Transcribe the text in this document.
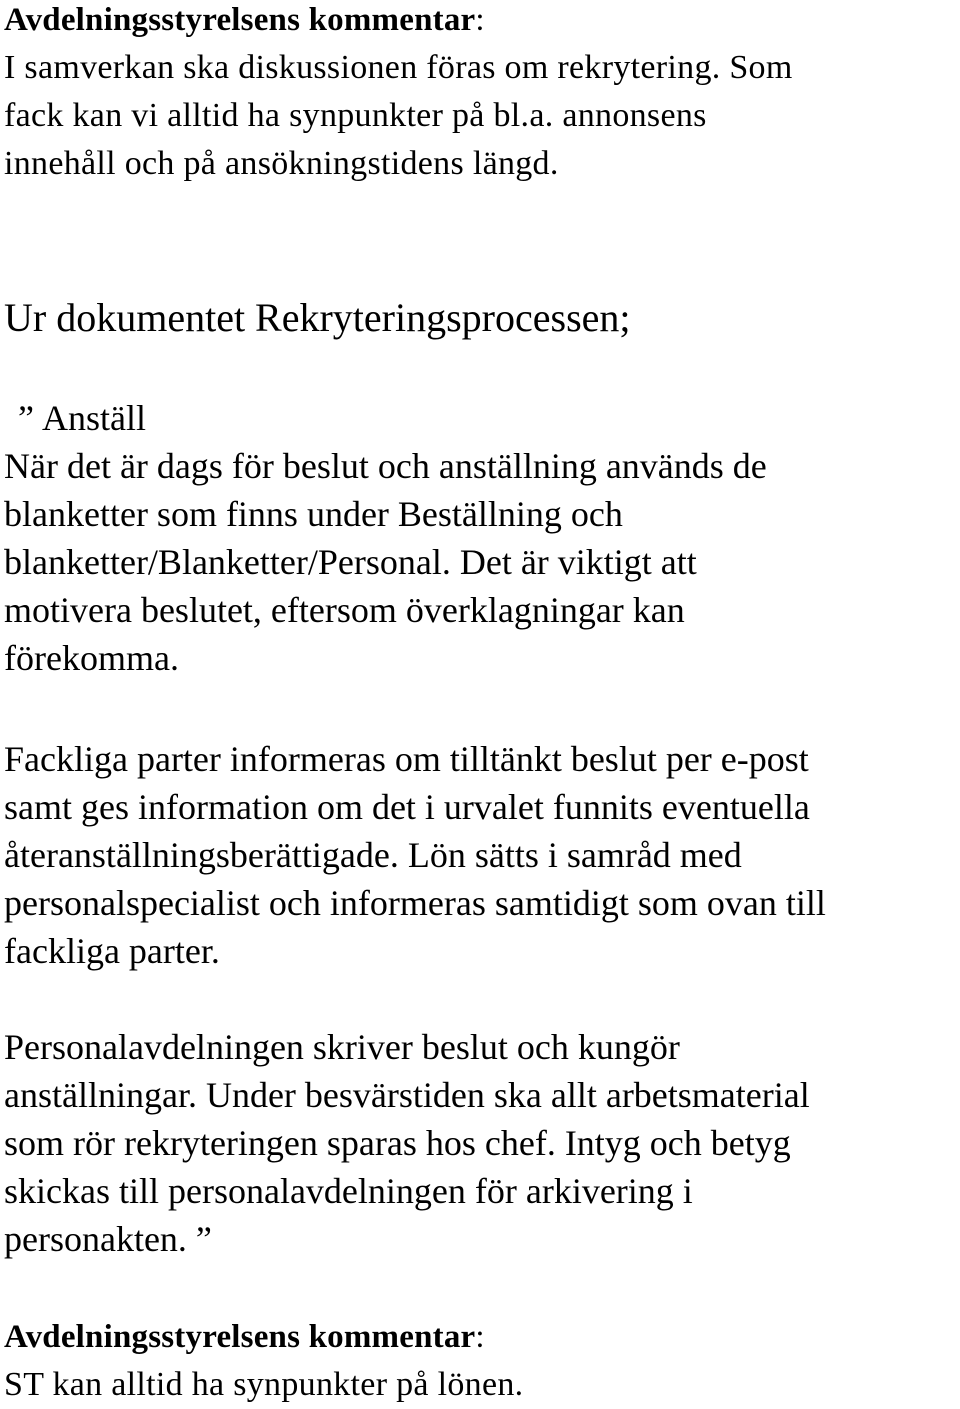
Avdelningsstyrelsens kommentar:
I samverkan ska diskussionen föras om rekrytering. Som
fack kan vi alltid ha synpunkter på bl.a. annonsens
innehåll och på ansökningstidens längd.
Ur dokumentet Rekryteringsprocessen;
” Anställ
När det är dags för beslut och anställning används de
blanketter som finns under Beställning och
blanketter/Blanketter/Personal. Det är viktigt att
motivera beslutet, eftersom överklagningar kan
förekomma.
Fackliga parter informeras om tilltänkt beslut per e-post
samt ges information om det i urvalet funnits eventuella
återanställningsberättigade. Lön sätts i samråd med
personalspecialist och informeras samtidigt som ovan till
fackliga parter.
Personalavdelningen skriver beslut och kungör
anställningar. Under besvärstiden ska allt arbetsmaterial
som rör rekryteringen sparas hos chef. Intyg och betyg
skickas till personalavdelningen för arkivering i
personakten. ”
Avdelningsstyrelsens kommentar:
ST kan alltid ha synpunkter på lönen.
